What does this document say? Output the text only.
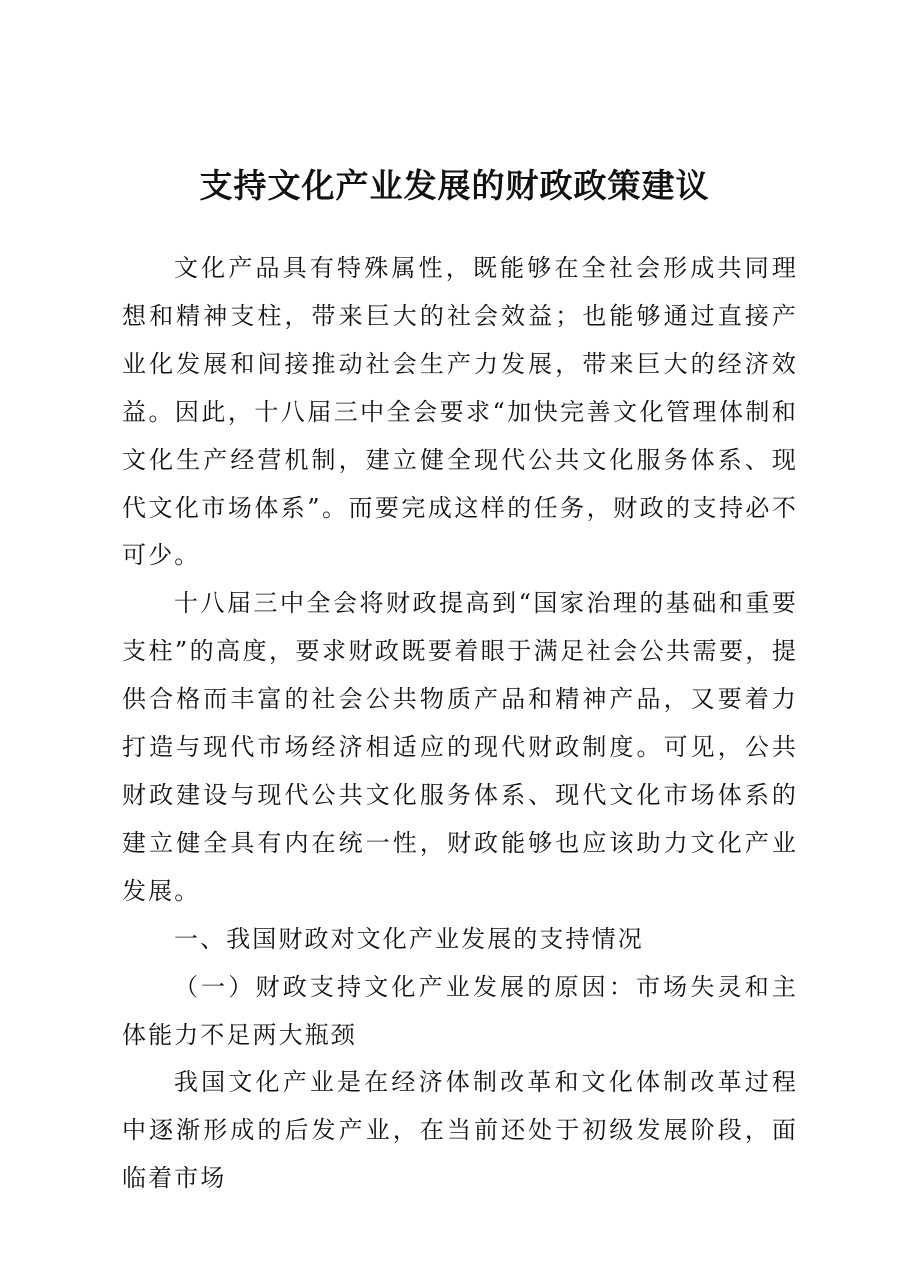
支持文化产业发展的财政政策建议

文化产品具有特殊属性，既能够在全社会形成共同理想和精神支柱，带来巨大的社会效益；也能够通过直接产业化发展和间接推动社会生产力发展，带来巨大的经济效益。因此，十八届三中全会要求“加快完善文化管理体制和文化生产经营机制，建立健全现代公共文化服务体系、现代文化市场体系”。而要完成这样的任务，财政的支持必不可少。

十八届三中全会将财政提高到“国家治理的基础和重要支柱”的高度，要求财政既要着眼于满足社会公共需要，提供合格而丰富的社会公共物质产品和精神产品，又要着力打造与现代市场经济相适应的现代财政制度。可见，公共财政建设与现代公共文化服务体系、现代文化市场体系的建立健全具有内在统一性，财政能够也应该助力文化产业发展。

一、我国财政对文化产业发展的支持情况

（一）财政支持文化产业发展的原因：市场失灵和主体能力不足两大瓶颈

我国文化产业是在经济体制改革和文化体制改革过程中逐渐形成的后发产业，在当前还处于初级发展阶段，面临着市场
